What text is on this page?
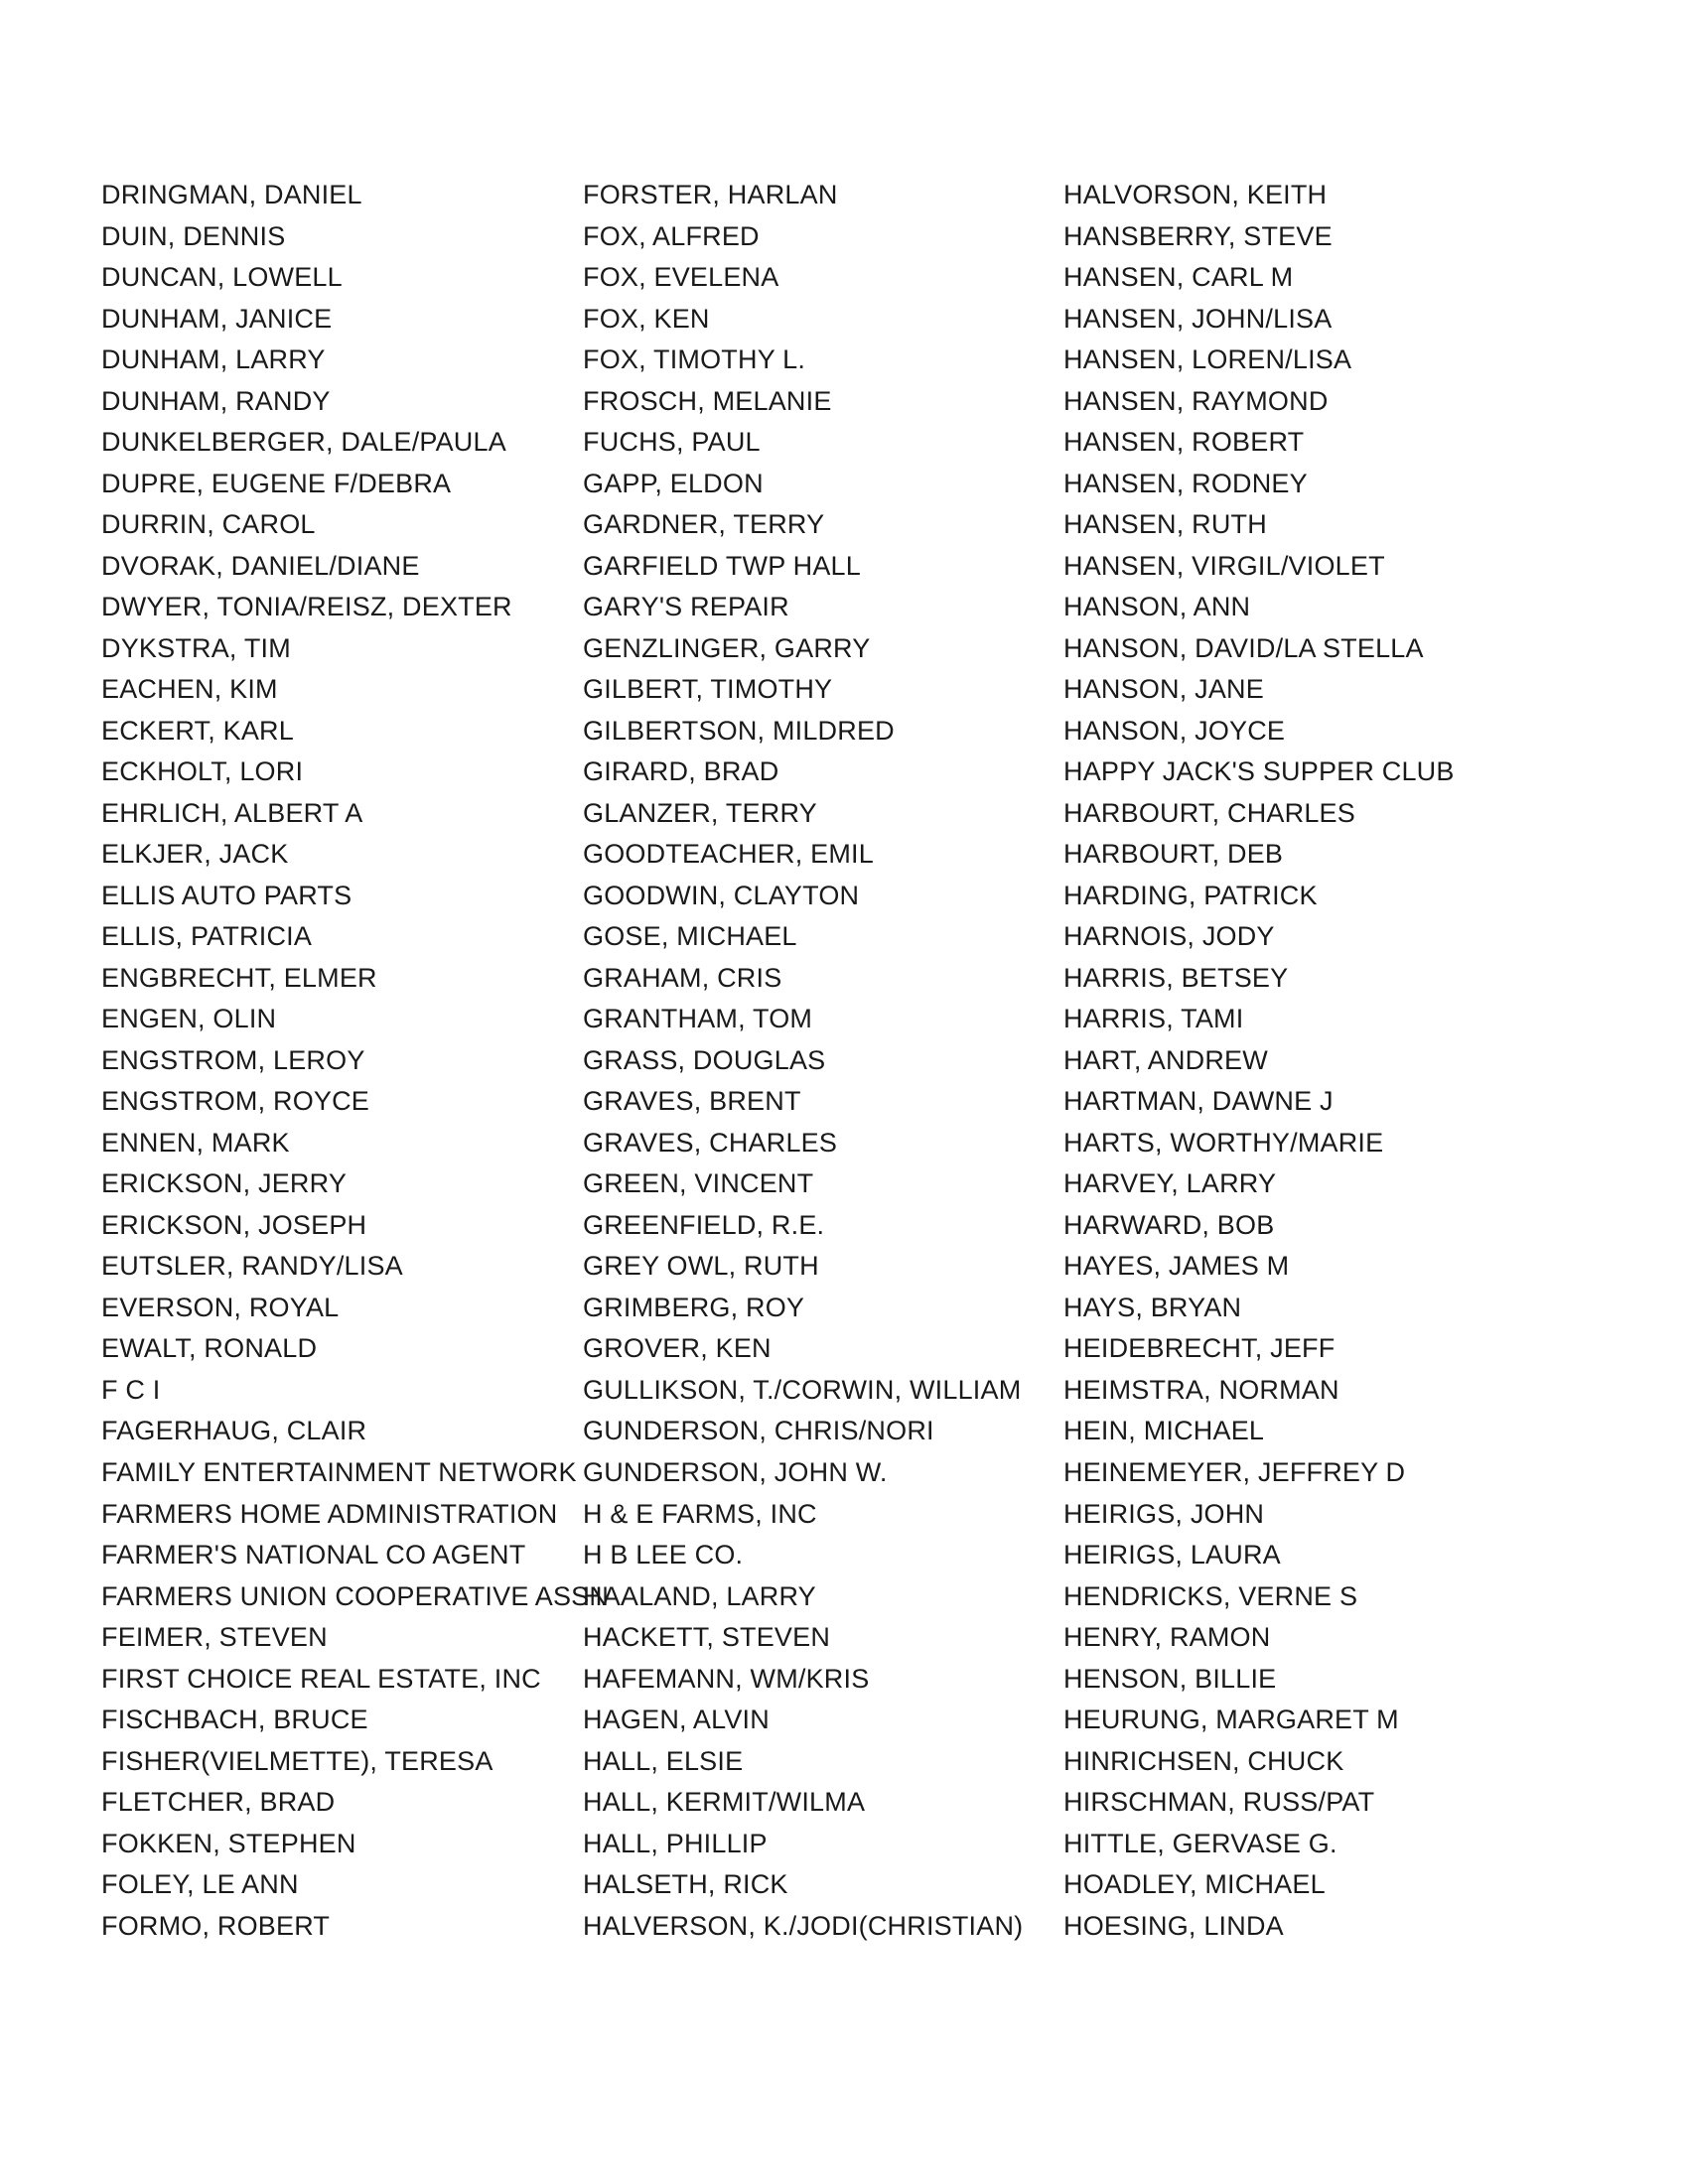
DRINGMAN, DANIEL
DUIN, DENNIS
DUNCAN, LOWELL
DUNHAM, JANICE
DUNHAM, LARRY
DUNHAM, RANDY
DUNKELBERGER, DALE/PAULA
DUPRE, EUGENE F/DEBRA
DURRIN, CAROL
DVORAK, DANIEL/DIANE
DWYER, TONIA/REISZ, DEXTER
DYKSTRA, TIM
EACHEN, KIM
ECKERT, KARL
ECKHOLT, LORI
EHRLICH, ALBERT A
ELKJER, JACK
ELLIS AUTO PARTS
ELLIS, PATRICIA
ENGBRECHT, ELMER
ENGEN, OLIN
ENGSTROM, LEROY
ENGSTROM, ROYCE
ENNEN, MARK
ERICKSON, JERRY
ERICKSON, JOSEPH
EUTSLER, RANDY/LISA
EVERSON, ROYAL
EWALT, RONALD
F C I
FAGERHAUG, CLAIR
FAMILY ENTERTAINMENT NETWORK
FARMERS HOME ADMINISTRATION
FARMER'S NATIONAL CO AGENT
FARMERS UNION COOPERATIVE ASSN
FEIMER, STEVEN
FIRST CHOICE REAL ESTATE, INC
FISCHBACH, BRUCE
FISHER(VIELMETTE), TERESA
FLETCHER, BRAD
FOKKEN, STEPHEN
FOLEY, LE ANN
FORMO, ROBERT
FORSTER, HARLAN
FOX, ALFRED
FOX, EVELENA
FOX, KEN
FOX, TIMOTHY L.
FROSCH, MELANIE
FUCHS, PAUL
GAPP, ELDON
GARDNER, TERRY
GARFIELD TWP HALL
GARY'S REPAIR
GENZLINGER, GARRY
GILBERT, TIMOTHY
GILBERTSON, MILDRED
GIRARD, BRAD
GLANZER, TERRY
GOODTEACHER, EMIL
GOODWIN, CLAYTON
GOSE, MICHAEL
GRAHAM, CRIS
GRANTHAM, TOM
GRASS, DOUGLAS
GRAVES, BRENT
GRAVES, CHARLES
GREEN, VINCENT
GREENFIELD, R.E.
GREY OWL, RUTH
GRIMBERG, ROY
GROVER, KEN
GULLIKSON, T./CORWIN, WILLIAM
GUNDERSON, CHRIS/NORI
GUNDERSON, JOHN W.
H & E FARMS, INC
H B LEE CO.
HAALAND, LARRY
HACKETT, STEVEN
HAFEMANN, WM/KRIS
HAGEN, ALVIN
HALL, ELSIE
HALL, KERMIT/WILMA
HALL, PHILLIP
HALSETH, RICK
HALVERSON, K./JODI(CHRISTIAN)
HALVORSON, KEITH
HANSBERRY, STEVE
HANSEN, CARL M
HANSEN, JOHN/LISA
HANSEN, LOREN/LISA
HANSEN, RAYMOND
HANSEN, ROBERT
HANSEN, RODNEY
HANSEN, RUTH
HANSEN, VIRGIL/VIOLET
HANSON, ANN
HANSON, DAVID/LA STELLA
HANSON, JANE
HANSON, JOYCE
HAPPY JACK'S SUPPER CLUB
HARBOURT, CHARLES
HARBOURT, DEB
HARDING, PATRICK
HARNOIS, JODY
HARRIS, BETSEY
HARRIS, TAMI
HART, ANDREW
HARTMAN, DAWNE J
HARTS, WORTHY/MARIE
HARVEY, LARRY
HARWARD, BOB
HAYES, JAMES M
HAYS, BRYAN
HEIDEBRECHT, JEFF
HEIMSTRA, NORMAN
HEIN, MICHAEL
HEINEMEYER, JEFFREY D
HEIRIGS, JOHN
HEIRIGS, LAURA
HENDRICKS, VERNE S
HENRY, RAMON
HENSON, BILLIE
HEURUNG, MARGARET M
HINRICHSEN, CHUCK
HIRSCHMAN, RUSS/PAT
HITTLE, GERVASE G.
HOADLEY, MICHAEL
HOESING, LINDA
